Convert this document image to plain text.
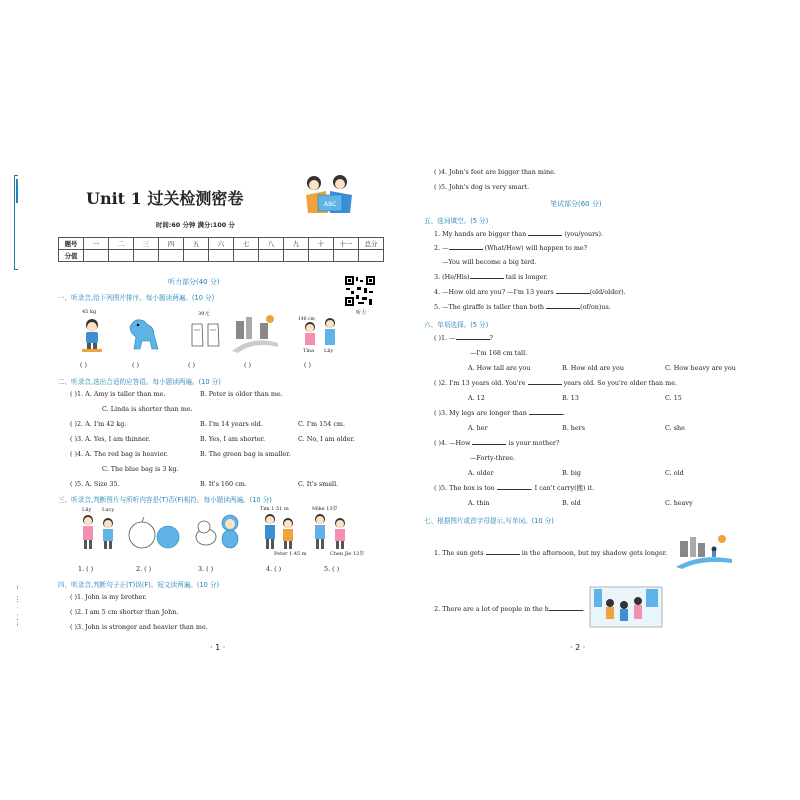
Unit 1 过关检测密卷	ABC
时间:60 分钟 满分:100 分
题号	一	二	三	四	五	六	七	八	九	十	十一	总分
分值												
听力部分(40 分)
听力
一、听录音,给下列图片排序。每小题读两遍。(10 分)
45 kg	39元
146 cm
Tina Lily
( )	( )	( )	( )	( )
二、听录音,选出合适的应答语。每小题读两遍。(10 分)
( )1. A. Amy is taller than me.	B. Peter is older than me.
C. Linda is shorter than me.
( )2. A. I'm 42 kg.	B. I'm 14 years old.	C. I'm 154 cm.
( )3. A. Yes, I am thinner.	B. Yes, I am shorter.	C. No, I am older.
( )4. A. The red bag is heavier.	B. The green bag is smaller.
C. The blue bag is 3 kg.
( )5. A. Size 35.	B. It's 160 cm.	C. It's small.
三、听录音,判断图片与所听内容是(T)否(F)相符。每小题读两遍。(10 分)
Lily Lucy	Tim 1.51 m
Peter 1.45 m
Mike 13岁
Chen Jie 12岁
1. ( )	2. ( )	3. ( )	4. ( )	5. ( )
四、听录音,判断句子正(T)误(F)。短文读两遍。(10 分)
( )1. John is my brother.
( )2. I am 5 cm shorter than John.
( )3. John is stronger and heavier than me.
· 1 ·
( )4. John's feet are bigger than mine.
( )5. John's dog is very smart.
笔试部分(60 分)
五、选词填空。(5 分)
1. My hands are bigger than	(you/yours).
2. —	(What/How) will happen to me?
—You will become a big bird.
3. (He/His)	tail is longer.
4. —How old are you? —I'm 13 years	(old/older).
5. —The giraffe is taller than both	(of/on)us.
六、单项选择。(5 分)
( )1. —	?
—I'm 168 cm tall.
A. How tall are you	B. How old are you	C. How heavy are you
( )2. I'm 13 years old. You're	years old. So you're older than me.
A. 12	B. 13	C. 15
( )3. My legs are longer than	.
A. her	B. hers	C. she
( )4. —How	is your mother?
—Forty-three.
A. older	B. big	C. old
( )5. The box is too	. I can't carry(搬) it.
A. thin	B. old	C. heavy
七、根据图片或首字母提示,写单词。(10 分)
1. The sun gets	in the afternoon, but my shadow gets longer.
2. There are a lot of people in the h	.
· 2 ·
